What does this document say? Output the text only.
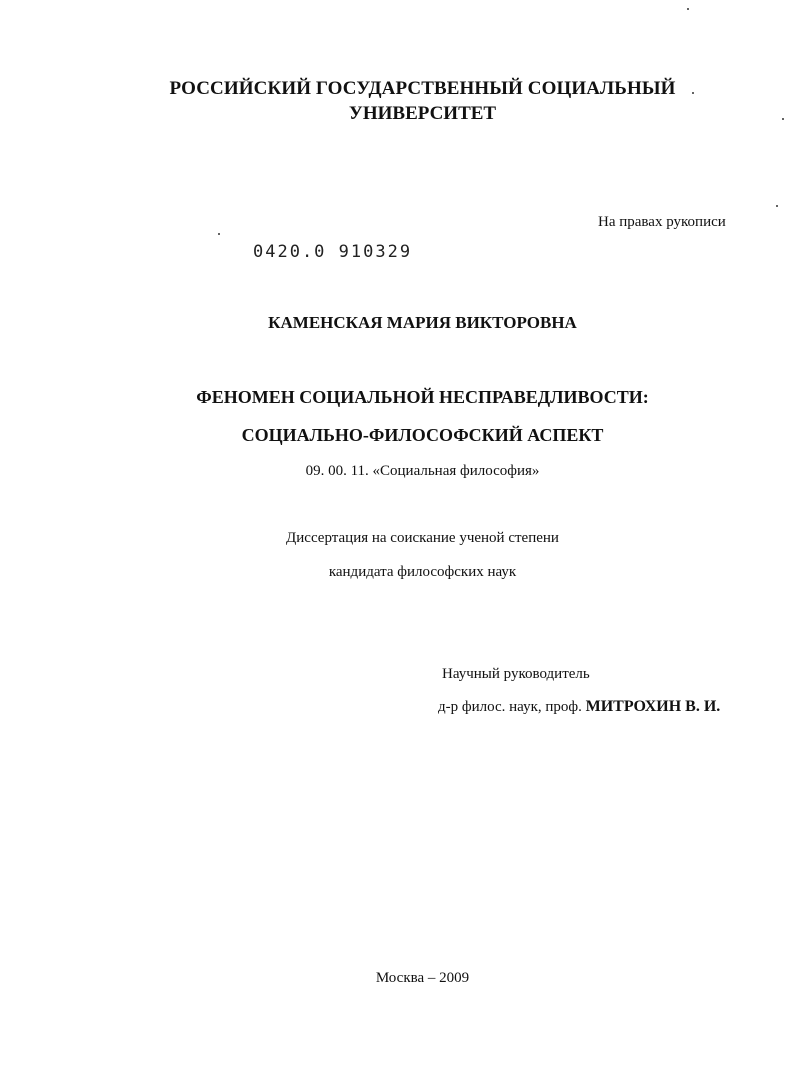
РОССИЙСКИЙ ГОСУДАРСТВЕННЫЙ СОЦИАЛЬНЫЙ
УНИВЕРСИТЕТ
На правах рукописи
0420.0 910329
КАМЕНСКАЯ МАРИЯ ВИКТОРОВНА
ФЕНОМЕН СОЦИАЛЬНОЙ НЕСПРАВЕДЛИВОСТИ:
СОЦИАЛЬНО-ФИЛОСОФСКИЙ АСПЕКТ
09. 00. 11. «Социальная философия»
Диссертация на соискание ученой степени
кандидата философских наук
Научный руководитель
д-р филос. наук, проф. МИТРОХИН В. И.
Москва – 2009
